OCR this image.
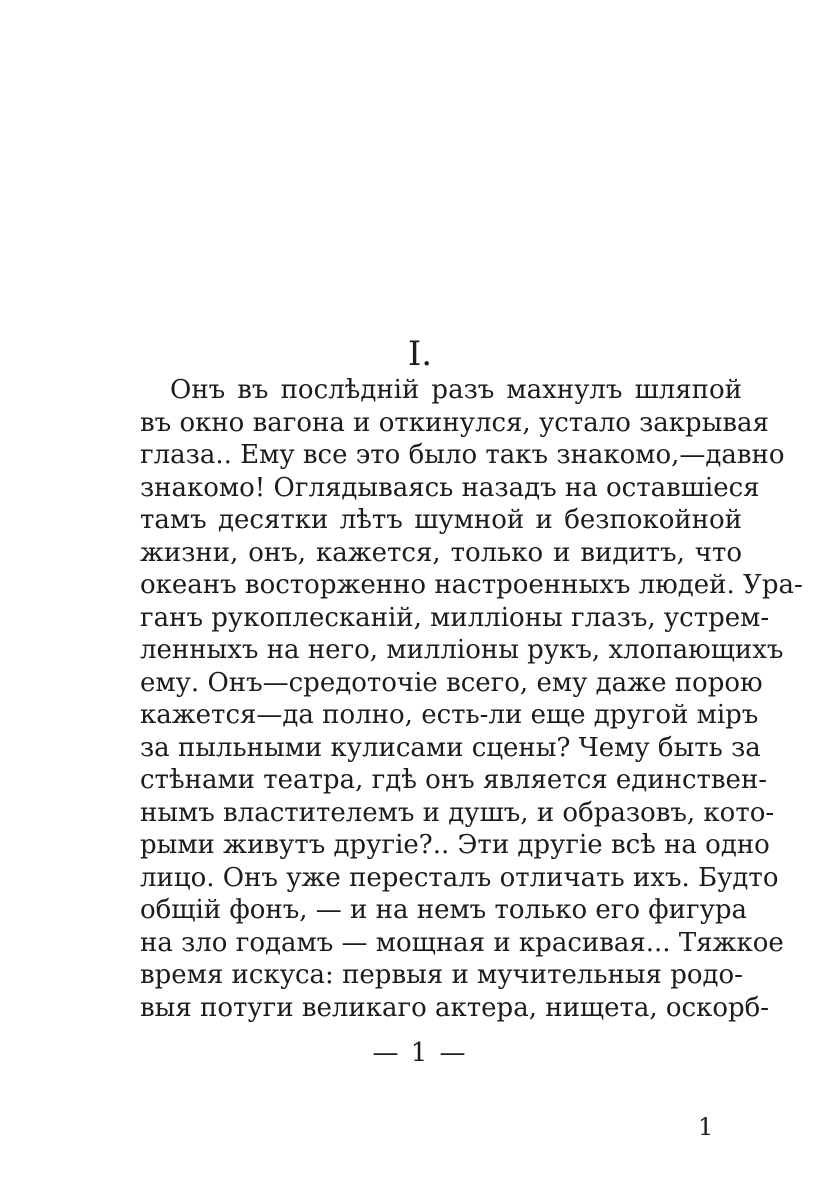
I.
Онъ въ послѣдній разъ махнулъ шляпой
въ окно вагона и откинулся, устало закрывая
глаза.. Ему все это было такъ знакомо,—давно
знакомо! Оглядываясь назадъ на оставшіеся
тамъ десятки лѣтъ шумной и безпокойной
жизни, онъ, кажется, только и видитъ, что
океанъ восторженно настроенныхъ людей. Ура-
ганъ рукоплесканій, милліоны глазъ, устрем-
ленныхъ на него, милліоны рукъ, хлопающихъ
ему. Онъ—средоточіе всего, ему даже порою
кажется—да полно, есть-ли еще другой міръ
за пыльными кулисами сцены? Чему быть за
стѣнами театра, гдѣ онъ является единствен-
нымъ властителемъ и душъ, и образовъ, кото-
рыми живутъ другіе?.. Эти другіе всѣ на одно
лицо. Онъ уже пересталъ отличать ихъ. Будто
общій фонъ, — и на немъ только его фигура
на зло годамъ — мощная и красивая... Тяжкое
время искуса: первыя и мучительныя родо-
выя потуги великаго актера, нищета, оскорб-
— 1 —
1
